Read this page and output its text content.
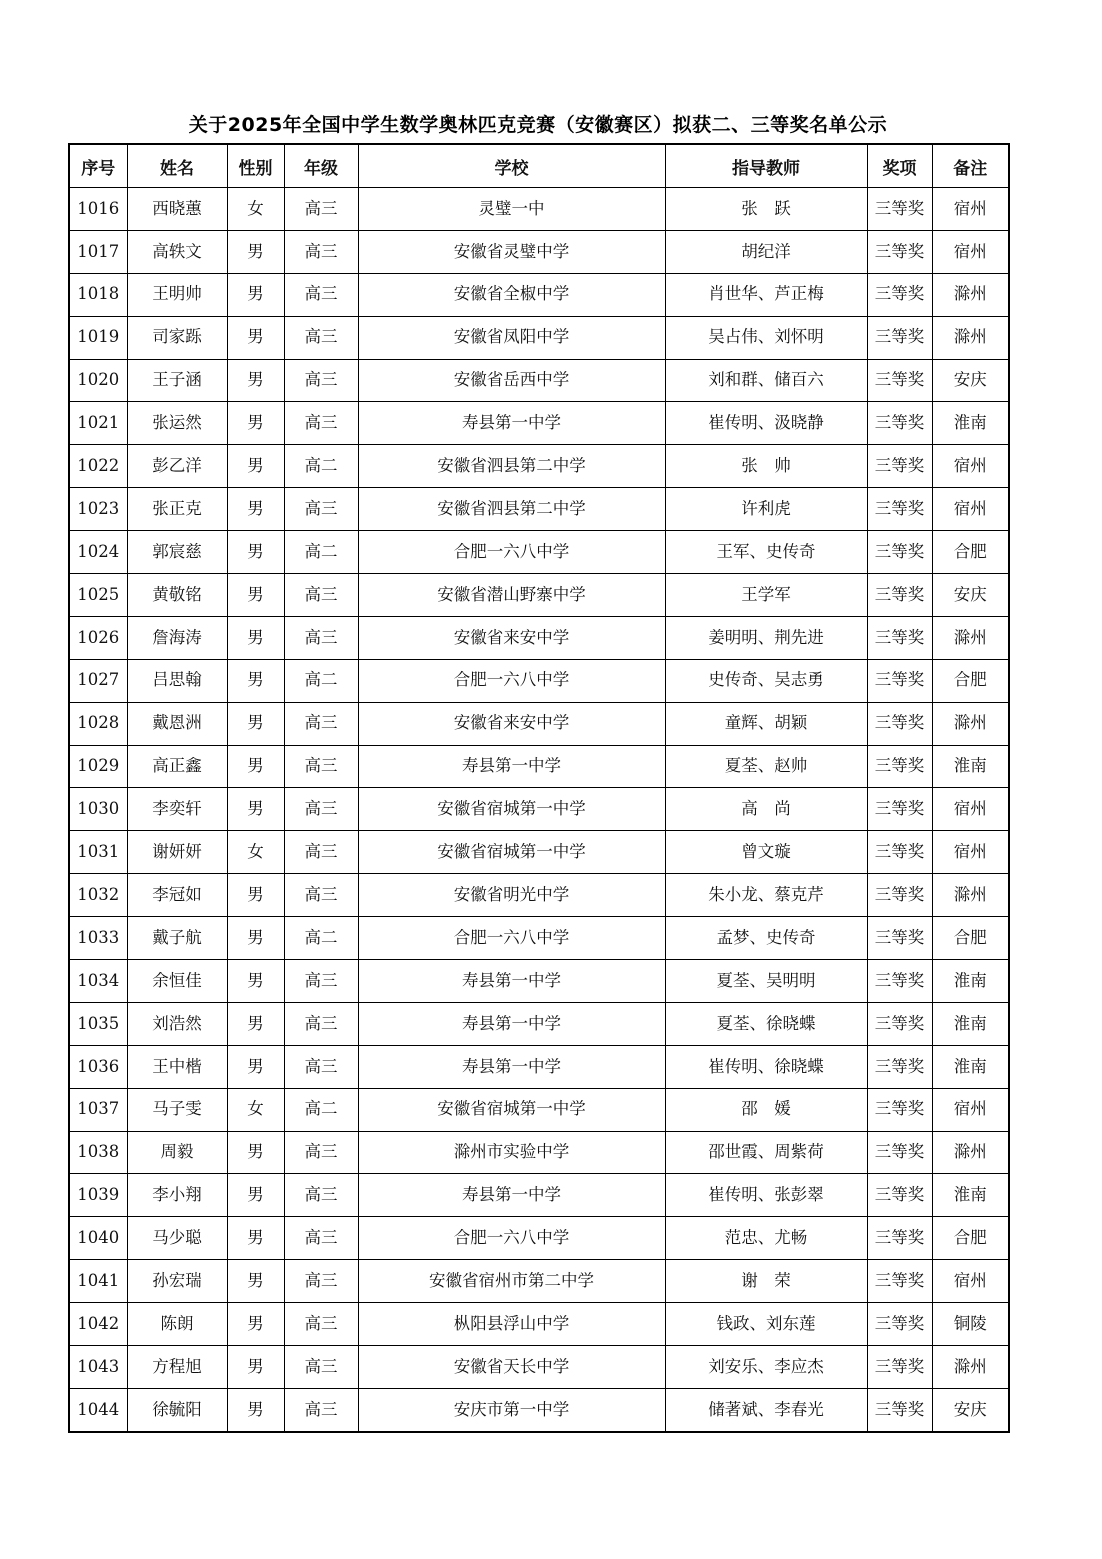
关于2025年全国中学生数学奥林匹克竞赛（安徽赛区）拟获二、三等奖名单公示
序号	姓名	性别	年级	学校	指导教师	奖项	备注
1016	西晓蕙	女	高三	灵璧一中	张　跃	三等奖	宿州
1017	高轶文	男	高三	安徽省灵璧中学	胡纪洋	三等奖	宿州
1018	王明帅	男	高三	安徽省全椒中学	肖世华、芦正梅	三等奖	滁州
1019	司家跞	男	高三	安徽省凤阳中学	吴占伟、刘怀明	三等奖	滁州
1020	王子涵	男	高三	安徽省岳西中学	刘和群、储百六	三等奖	安庆
1021	张运然	男	高三	寿县第一中学	崔传明、汲晓静	三等奖	淮南
1022	彭乙洋	男	高二	安徽省泗县第二中学	张　帅	三等奖	宿州
1023	张正克	男	高三	安徽省泗县第二中学	许利虎	三等奖	宿州
1024	郭宸慈	男	高二	合肥一六八中学	王军、史传奇	三等奖	合肥
1025	黄敬铭	男	高三	安徽省潜山野寨中学	王学军	三等奖	安庆
1026	詹海涛	男	高三	安徽省来安中学	姜明明、荆先进	三等奖	滁州
1027	吕思翰	男	高二	合肥一六八中学	史传奇、吴志勇	三等奖	合肥
1028	戴恩洲	男	高三	安徽省来安中学	童辉、胡颖	三等奖	滁州
1029	高正鑫	男	高三	寿县第一中学	夏荃、赵帅	三等奖	淮南
1030	李奕轩	男	高三	安徽省宿城第一中学	高　尚	三等奖	宿州
1031	谢妍妍	女	高三	安徽省宿城第一中学	曾文璇	三等奖	宿州
1032	李冠如	男	高三	安徽省明光中学	朱小龙、蔡克芹	三等奖	滁州
1033	戴子航	男	高二	合肥一六八中学	孟梦、史传奇	三等奖	合肥
1034	余恒佳	男	高三	寿县第一中学	夏荃、吴明明	三等奖	淮南
1035	刘浩然	男	高三	寿县第一中学	夏荃、徐晓蝶	三等奖	淮南
1036	王中楷	男	高三	寿县第一中学	崔传明、徐晓蝶	三等奖	淮南
1037	马子雯	女	高二	安徽省宿城第一中学	邵　媛	三等奖	宿州
1038	周毅	男	高三	滁州市实验中学	邵世霞、周紫荷	三等奖	滁州
1039	李小翔	男	高三	寿县第一中学	崔传明、张彭翠	三等奖	淮南
1040	马少聪	男	高三	合肥一六八中学	范忠、尤畅	三等奖	合肥
1041	孙宏瑞	男	高三	安徽省宿州市第二中学	谢　荣	三等奖	宿州
1042	陈朗	男	高三	枞阳县浮山中学	钱政、刘东莲	三等奖	铜陵
1043	方程旭	男	高三	安徽省天长中学	刘安乐、李应杰	三等奖	滁州
1044	徐毓阳	男	高三	安庆市第一中学	储著斌、李春光	三等奖	安庆
